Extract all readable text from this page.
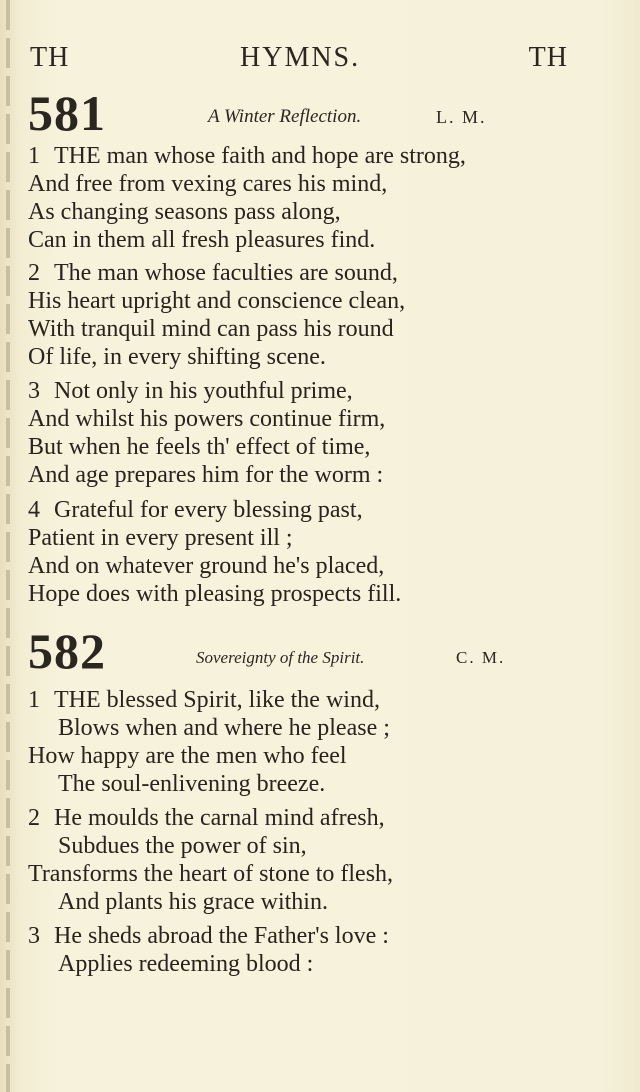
TH	HYMNS.	TH
581	A Winter Reflection.	L. M.
1 THE man whose faith and hope are strong,
And free from vexing cares his mind,
As changing seasons pass along,
Can in them all fresh pleasures find.
2 The man whose faculties are sound,
His heart upright and conscience clean,
With tranquil mind can pass his round
Of life, in every shifting scene.
3 Not only in his youthful prime,
And whilst his powers continue firm,
But when he feels th' effect of time,
And age prepares him for the worm :
4 Grateful for every blessing past,
Patient in every present ill ;
And on whatever ground he's placed,
Hope does with pleasing prospects fill.
582	Sovereignty of the Spirit.	C. M.
1 THE blessed Spirit, like the wind,
Blows when and where he please ;
How happy are the men who feel
The soul-enlivening breeze.
2 He moulds the carnal mind afresh,
Subdues the power of sin,
Transforms the heart of stone to flesh,
And plants his grace within.
3 He sheds abroad the Father's love :
Applies redeeming blood :
